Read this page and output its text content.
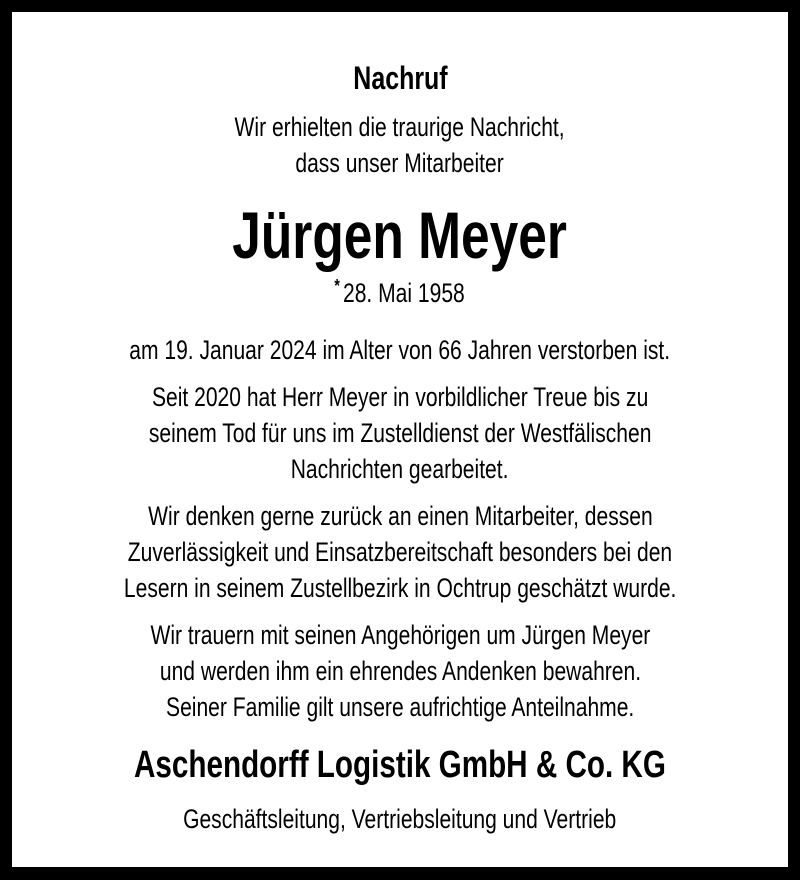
Nachruf
Wir erhielten die traurige Nachricht,
dass unser Mitarbeiter
Jürgen Meyer
* 28. Mai 1958
am 19. Januar 2024 im Alter von 66 Jahren verstorben ist.
Seit 2020 hat Herr Meyer in vorbildlicher Treue bis zu
seinem Tod für uns im Zustelldienst der Westfälischen
Nachrichten gearbeitet.
Wir denken gerne zurück an einen Mitarbeiter, dessen
Zuverlässigkeit und Einsatzbereitschaft besonders bei den
Lesern in seinem Zustellbezirk in Ochtrup geschätzt wurde.
Wir trauern mit seinen Angehörigen um Jürgen Meyer
und werden ihm ein ehrendes Andenken bewahren.
Seiner Familie gilt unsere aufrichtige Anteilnahme.
Aschendorff Logistik GmbH & Co. KG
Geschäftsleitung, Vertriebsleitung und Vertrieb
